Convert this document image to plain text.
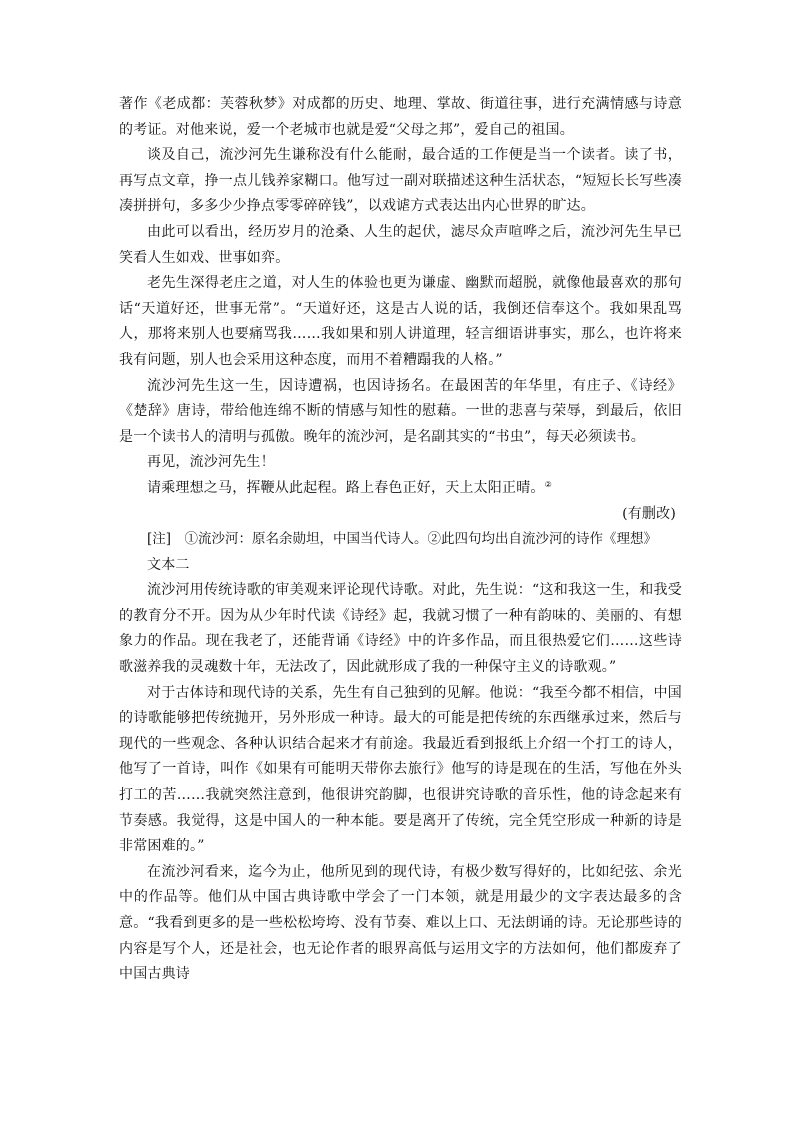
著作《老成都：芙蓉秋梦》对成都的历史、地理、掌故、街道往事，进行充满情感与诗意的考证。对他来说，爱一个老城市也就是爱“父母之邦”，爱自己的祖国。

谈及自己，流沙河先生谦称没有什么能耐，最合适的工作便是当一个读者。读了书，再写点文章，挣一点儿钱养家糊口。他写过一副对联描述这种生活状态，“短短长长写些凑凑拼拼句，多多少少挣点零零碎碎钱”，以戏谑方式表达出内心世界的旷达。

由此可以看出，经历岁月的沧桑、人生的起伏，滤尽众声喧哗之后，流沙河先生早已笑看人生如戏、世事如弈。

老先生深得老庄之道，对人生的体验也更为谦虚、幽默而超脱，就像他最喜欢的那句话“天道好还，世事无常”。“天道好还，这是古人说的话，我倒还信奉这个。我如果乱骂人，那将来别人也要痛骂我……我如果和别人讲道理，轻言细语讲事实，那么，也许将来我有问题，别人也会采用这种态度，而用不着糟蹋我的人格。”

流沙河先生这一生，因诗遭祸，也因诗扬名。在最困苦的年华里，有庄子、《诗经》《楚辞》唐诗，带给他连绵不断的情感与知性的慰藉。一世的悲喜与荣辱，到最后，依旧是一个读书人的清明与孤傲。晚年的流沙河，是名副其实的“书虫”，每天必须读书。

再见，流沙河先生！

请乘理想之马，挥鞭从此起程。路上春色正好，天上太阳正晴。②

(有删改)

[注]　①流沙河：原名余勋坦，中国当代诗人。②此四句均出自流沙河的诗作《理想》

文本二

流沙河用传统诗歌的审美观来评论现代诗歌。对此，先生说：“这和我这一生，和我受的教育分不开。因为从少年时代读《诗经》起，我就习惯了一种有韵味的、美丽的、有想象力的作品。现在我老了，还能背诵《诗经》中的许多作品，而且很热爱它们……这些诗歌滋养我的灵魂数十年，无法改了，因此就形成了我的一种保守主义的诗歌观。”

对于古体诗和现代诗的关系，先生有自己独到的见解。他说：“我至今都不相信，中国的诗歌能够把传统抛开，另外形成一种诗。最大的可能是把传统的东西继承过来，然后与现代的一些观念、各种认识结合起来才有前途。我最近看到报纸上介绍一个打工的诗人，他写了一首诗，叫作《如果有可能明天带你去旅行》他写的诗是现在的生活，写他在外头打工的苦……我就突然注意到，他很讲究韵脚，也很讲究诗歌的音乐性，他的诗念起来有节奏感。我觉得，这是中国人的一种本能。要是离开了传统，完全凭空形成一种新的诗是非常困难的。”

在流沙河看来，迄今为止，他所见到的现代诗，有极少数写得好的，比如纪弦、余光中的作品等。他们从中国古典诗歌中学会了一门本领，就是用最少的文字表达最多的含意。“我看到更多的是一些松松垮垮、没有节奏、难以上口、无法朗诵的诗。无论那些诗的内容是写个人，还是社会，也无论作者的眼界高低与运用文字的方法如何，他们都废弃了中国古典诗
